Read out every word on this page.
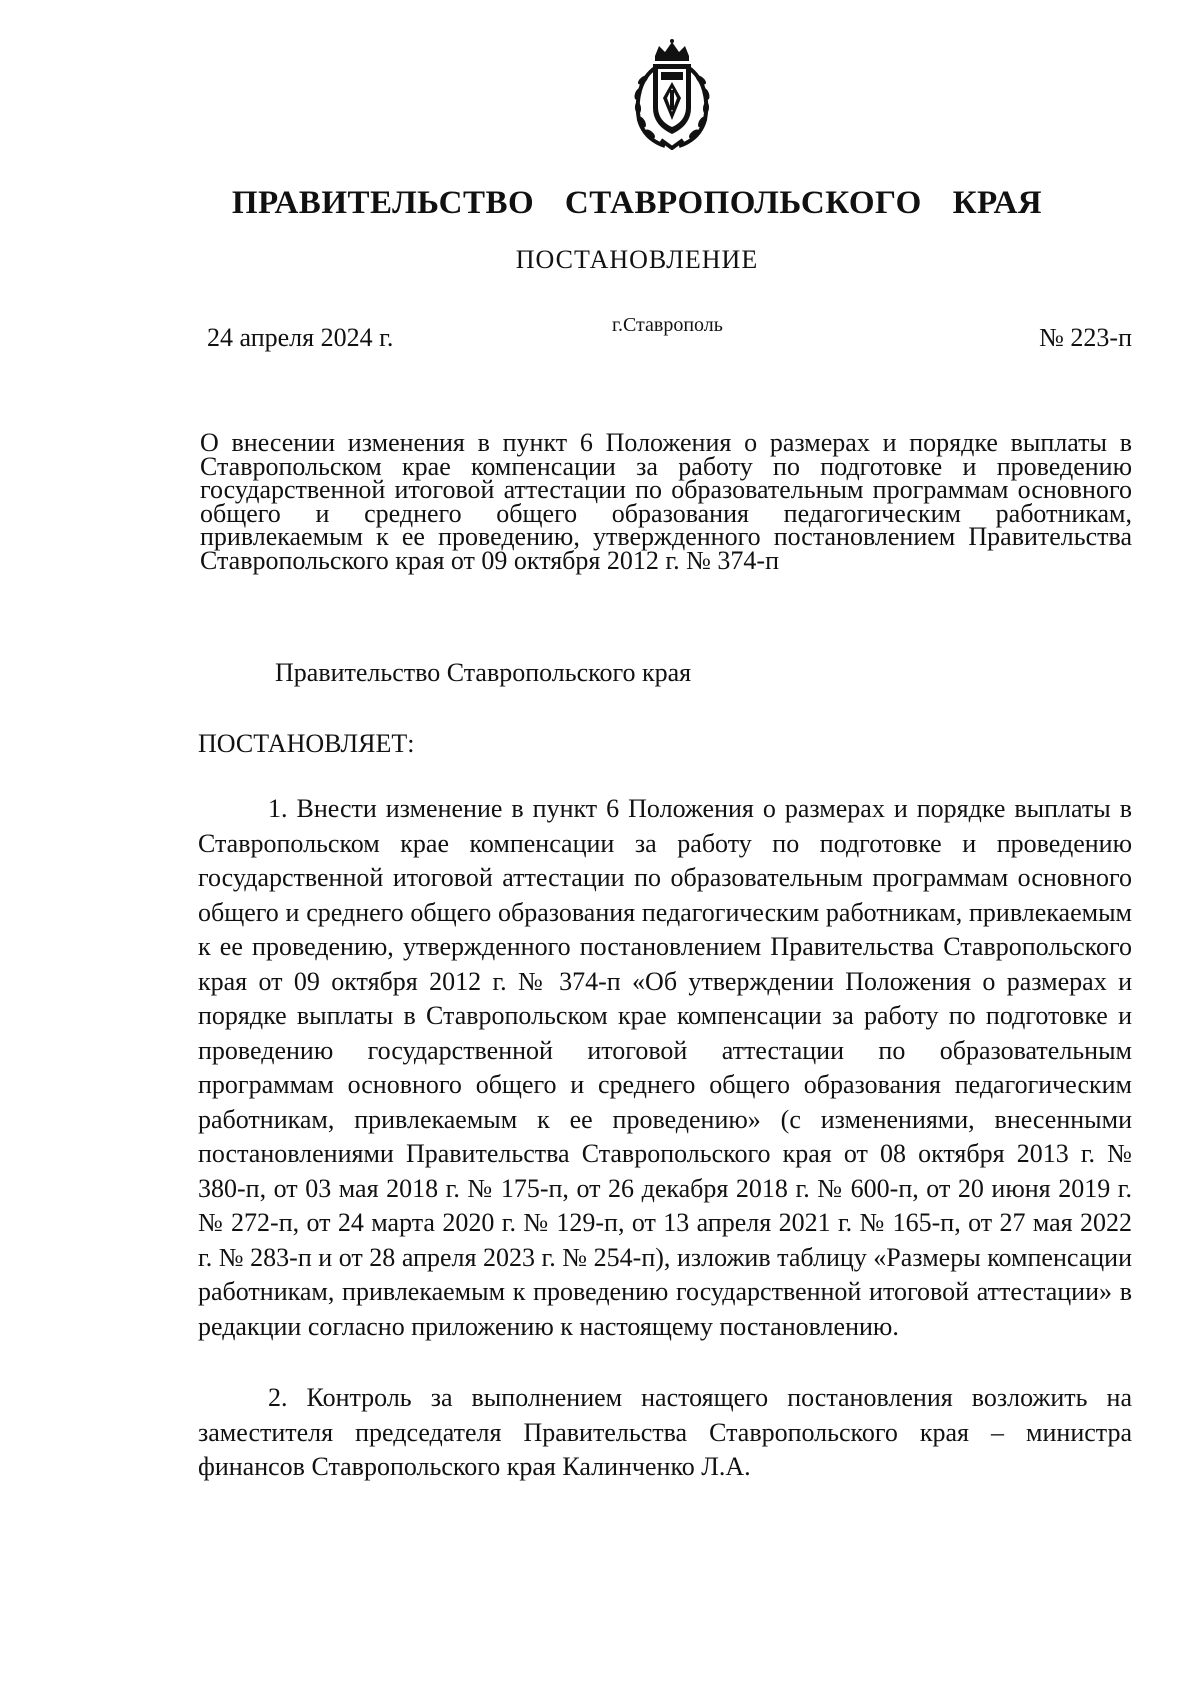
ПРАВИТЕЛЬСТВО СТАВРОПОЛЬСКОГО КРАЯ
ПОСТАНОВЛЕНИЕ
24 апреля 2024 г.	г.Ставрополь	№ 223-п

О внесении изменения в пункт 6 Положения о размерах и порядке выплаты в Ставропольском крае компенсации за работу по подготовке и проведению государственной итоговой аттестации по образовательным программам основного общего и среднего общего образования педагогическим работникам, привлекаемым к ее проведению, утвержденного постановлением Правительства Ставропольского края от 09 октября 2012 г. № 374-п

Правительство Ставропольского края
ПОСТАНОВЛЯЕТ:

1. Внести изменение в пункт 6 Положения о размерах и порядке выплаты в Ставропольском крае компенсации за работу по подготовке и проведению государственной итоговой аттестации по образовательным программам основного общего и среднего общего образования педагогическим работникам, привлекаемым к ее проведению, утвержденного постановлением Правительства Ставропольского края от 09 октября 2012 г. № 374-п «Об утверждении Положения о размерах и порядке выплаты в Ставропольском крае компенсации за работу по подготовке и проведению государственной итоговой аттестации по образовательным программам основного общего и среднего общего образования педагогическим работникам, привлекаемым к ее проведению» (с изменениями, внесенными постановлениями Правительства Ставропольского края от 08 октября 2013 г. № 380-п, от 03 мая 2018 г. № 175-п, от 26 декабря 2018 г. № 600-п, от 20 июня 2019 г. № 272-п, от 24 марта 2020 г. № 129-п, от 13 апреля 2021 г. № 165-п, от 27 мая 2022 г. № 283-п и от 28 апреля 2023 г. № 254-п), изложив таблицу «Размеры компенсации работникам, привлекаемым к проведению государственной итоговой аттестации» в редакции согласно приложению к настоящему постановлению.

2. Контроль за выполнением настоящего постановления возложить на заместителя председателя Правительства Ставропольского края – министра финансов Ставропольского края Калинченко Л.А.
